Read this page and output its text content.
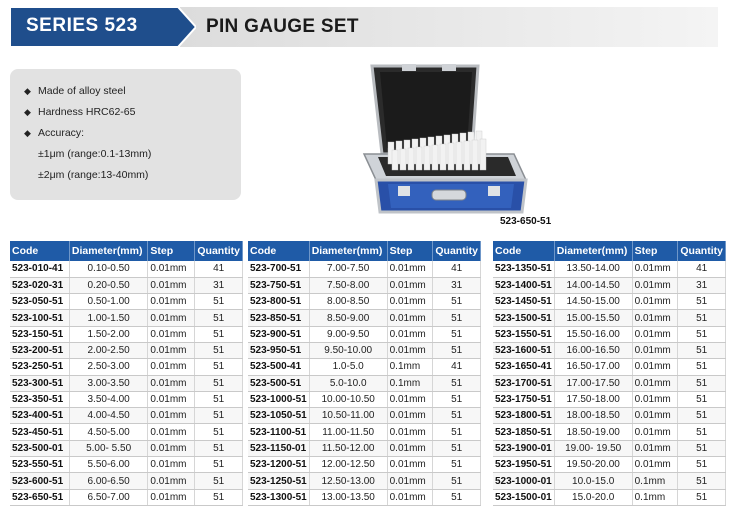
SERIES 523	PIN GAUGE SET
◆ Made of alloy steel
◆ Hardness HRC62-65
◆ Accuracy:
±1μm (range:0.1-13mm)
±2μm (range:13-40mm)
523-650-51
Code	Diameter(mm)	Step	Quantity
523-010-41	0.10-0.50	0.01mm	41
523-020-31	0.20-0.50	0.01mm	31
523-050-51	0.50-1.00	0.01mm	51
523-100-51	1.00-1.50	0.01mm	51
523-150-51	1.50-2.00	0.01mm	51
523-200-51	2.00-2.50	0.01mm	51
523-250-51	2.50-3.00	0.01mm	51
523-300-51	3.00-3.50	0.01mm	51
523-350-51	3.50-4.00	0.01mm	51
523-400-51	4.00-4.50	0.01mm	51
523-450-51	4.50-5.00	0.01mm	51
523-500-01	5.00- 5.50	0.01mm	51
523-550-51	5.50-6.00	0.01mm	51
523-600-51	6.00-6.50	0.01mm	51
523-650-51	6.50-7.00	0.01mm	51
Code	Diameter(mm)	Step	Quantity
523-700-51	7.00-7.50	0.01mm	41
523-750-51	7.50-8.00	0.01mm	31
523-800-51	8.00-8.50	0.01mm	51
523-850-51	8.50-9.00	0.01mm	51
523-900-51	9.00-9.50	0.01mm	51
523-950-51	9.50-10.00	0.01mm	51
523-500-41	1.0-5.0	0.1mm	41
523-500-51	5.0-10.0	0.1mm	51
523-1000-51	10.00-10.50	0.01mm	51
523-1050-51	10.50-11.00	0.01mm	51
523-1100-51	11.00-11.50	0.01mm	51
523-1150-01	11.50-12.00	0.01mm	51
523-1200-51	12.00-12.50	0.01mm	51
523-1250-51	12.50-13.00	0.01mm	51
523-1300-51	13.00-13.50	0.01mm	51
Code	Diameter(mm)	Step	Quantity
523-1350-51	13.50-14.00	0.01mm	41
523-1400-51	14.00-14.50	0.01mm	31
523-1450-51	14.50-15.00	0.01mm	51
523-1500-51	15.00-15.50	0.01mm	51
523-1550-51	15.50-16.00	0.01mm	51
523-1600-51	16.00-16.50	0.01mm	51
523-1650-41	16.50-17.00	0.01mm	51
523-1700-51	17.00-17.50	0.01mm	51
523-1750-51	17.50-18.00	0.01mm	51
523-1800-51	18.00-18.50	0.01mm	51
523-1850-51	18.50-19.00	0.01mm	51
523-1900-01	19.00- 19.50	0.01mm	51
523-1950-51	19.50-20.00	0.01mm	51
523-1000-01	10.0-15.0	0.1mm	51
523-1500-01	15.0-20.0	0.1mm	51
